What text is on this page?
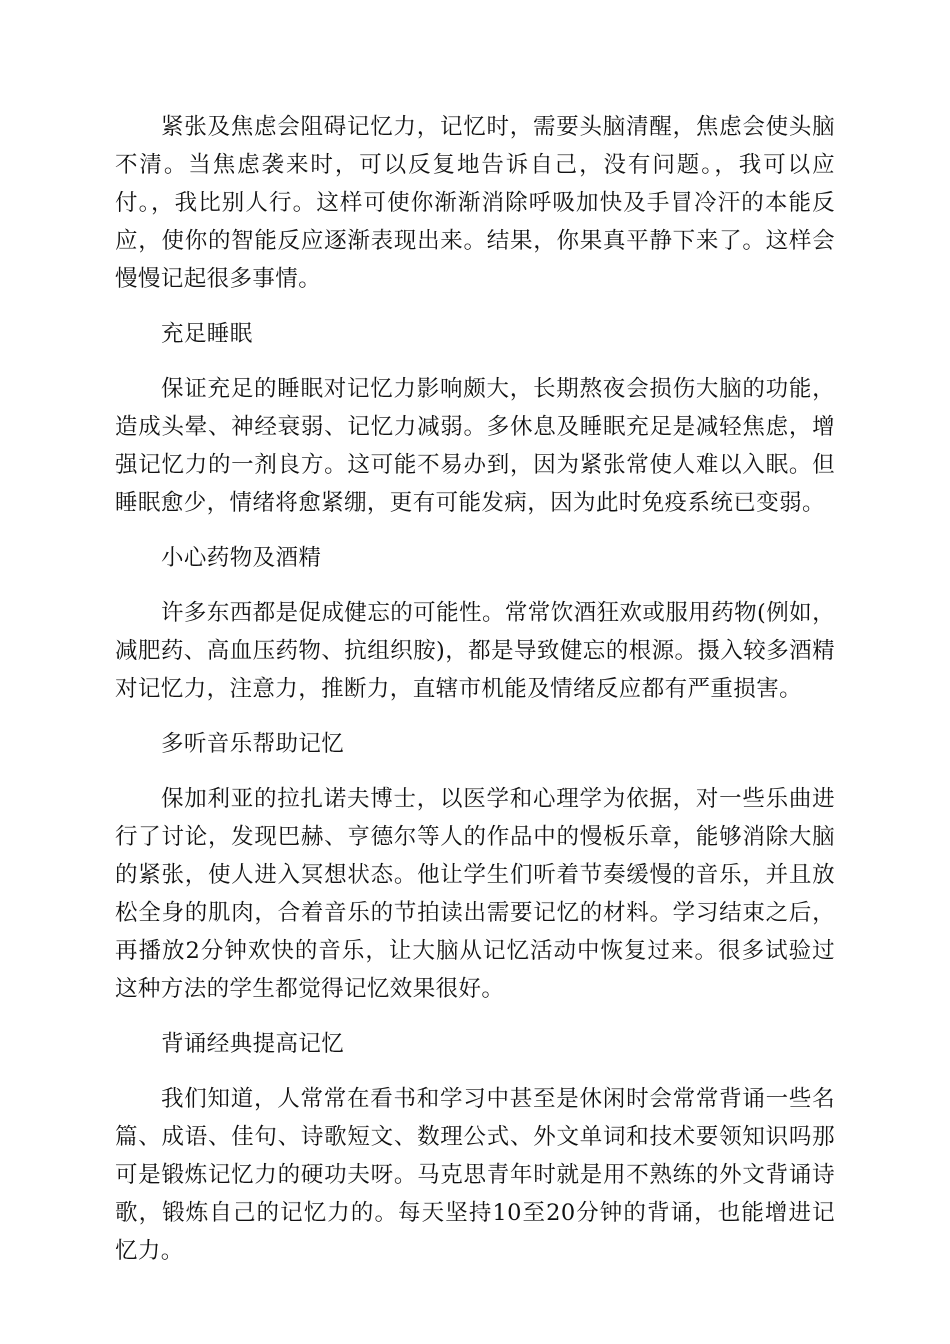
紧张及焦虑会阻碍记忆力，记忆时，需要头脑清醒，焦虑会使头脑不清。当焦虑袭来时，可以反复地告诉自己，没有问题。，我可以应付。，我比别人行。这样可使你渐渐消除呼吸加快及手冒冷汗的本能反应，使你的智能反应逐渐表现出来。结果，你果真平静下来了。这样会慢慢记起很多事情。

充足睡眠

保证充足的睡眠对记忆力影响颇大，长期熬夜会损伤大脑的功能，造成头晕、神经衰弱、记忆力减弱。多休息及睡眠充足是减轻焦虑，增强记忆力的一剂良方。这可能不易办到，因为紧张常使人难以入眠。但睡眠愈少，情绪将愈紧绷，更有可能发病，因为此时免疫系统已变弱。

小心药物及酒精

许多东西都是促成健忘的可能性。常常饮酒狂欢或服用药物(例如，减肥药、高血压药物、抗组织胺)，都是导致健忘的根源。摄入较多酒精对记忆力，注意力，推断力，直辖市机能及情绪反应都有严重损害。

多听音乐帮助记忆

保加利亚的拉扎诺夫博士，以医学和心理学为依据，对一些乐曲进行了讨论，发现巴赫、亨德尔等人的作品中的慢板乐章，能够消除大脑的紧张，使人进入冥想状态。他让学生们听着节奏缓慢的音乐，并且放松全身的肌肉，合着音乐的节拍读出需要记忆的材料。学习结束之后，再播放2分钟欢快的音乐，让大脑从记忆活动中恢复过来。很多试验过这种方法的学生都觉得记忆效果很好。

背诵经典提高记忆

我们知道，人常常在看书和学习中甚至是休闲时会常常背诵一些名篇、成语、佳句、诗歌短文、数理公式、外文单词和技术要领知识吗那可是锻炼记忆力的硬功夫呀。马克思青年时就是用不熟练的外文背诵诗歌，锻炼自己的记忆力的。每天坚持10至20分钟的背诵，也能增进记忆力。
